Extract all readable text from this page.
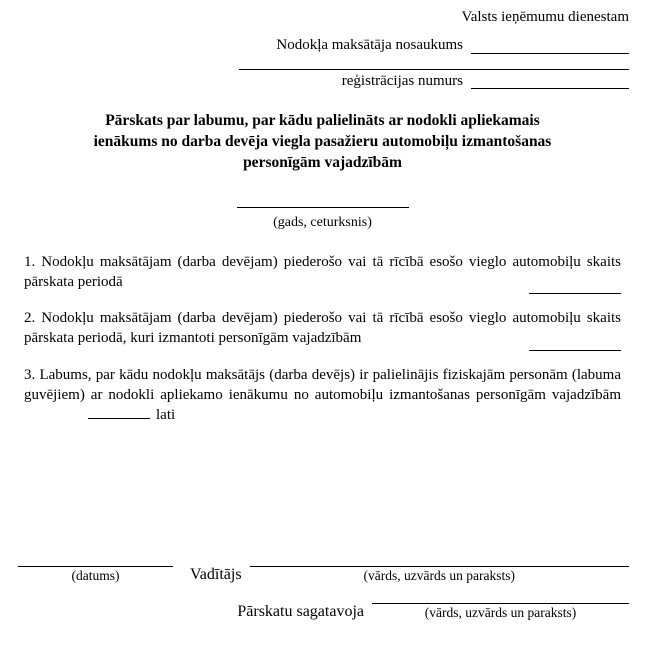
Valsts ieņēmumu dienestam
Nodokļa maksātāja nosaukums
reģistrācijas numurs
Pārskats par labumu, par kādu palielināts ar nodokli apliekamais
ienākums no darba devēja viegla pasažieru automobiļu izmantošanas
personīgām vajadzībām
(gads, ceturksnis)

1. Nodokļu maksātājam (darba devējam) piederošo vai tā rīcībā esošo vieglo automobiļu skaits pārskata periodā

2. Nodokļu maksātājam (darba devējam) piederošo vai tā rīcībā esošo vieglo automobiļu skaits pārskata periodā, kuri izmantoti personīgām vajadzībām

3. Labums, par kādu nodokļu maksātājs (darba devējs) ir palielinājis fiziskajām personām (labuma guvējiem) ar nodokli apliekamo ienākumu no automobiļu izmantošanas personīgām vajadzībām lati

(datums)	Vadītājs	(vārds, uzvārds un paraksts)
Pārskatu sagatavoja	(vārds, uzvārds un paraksts)
